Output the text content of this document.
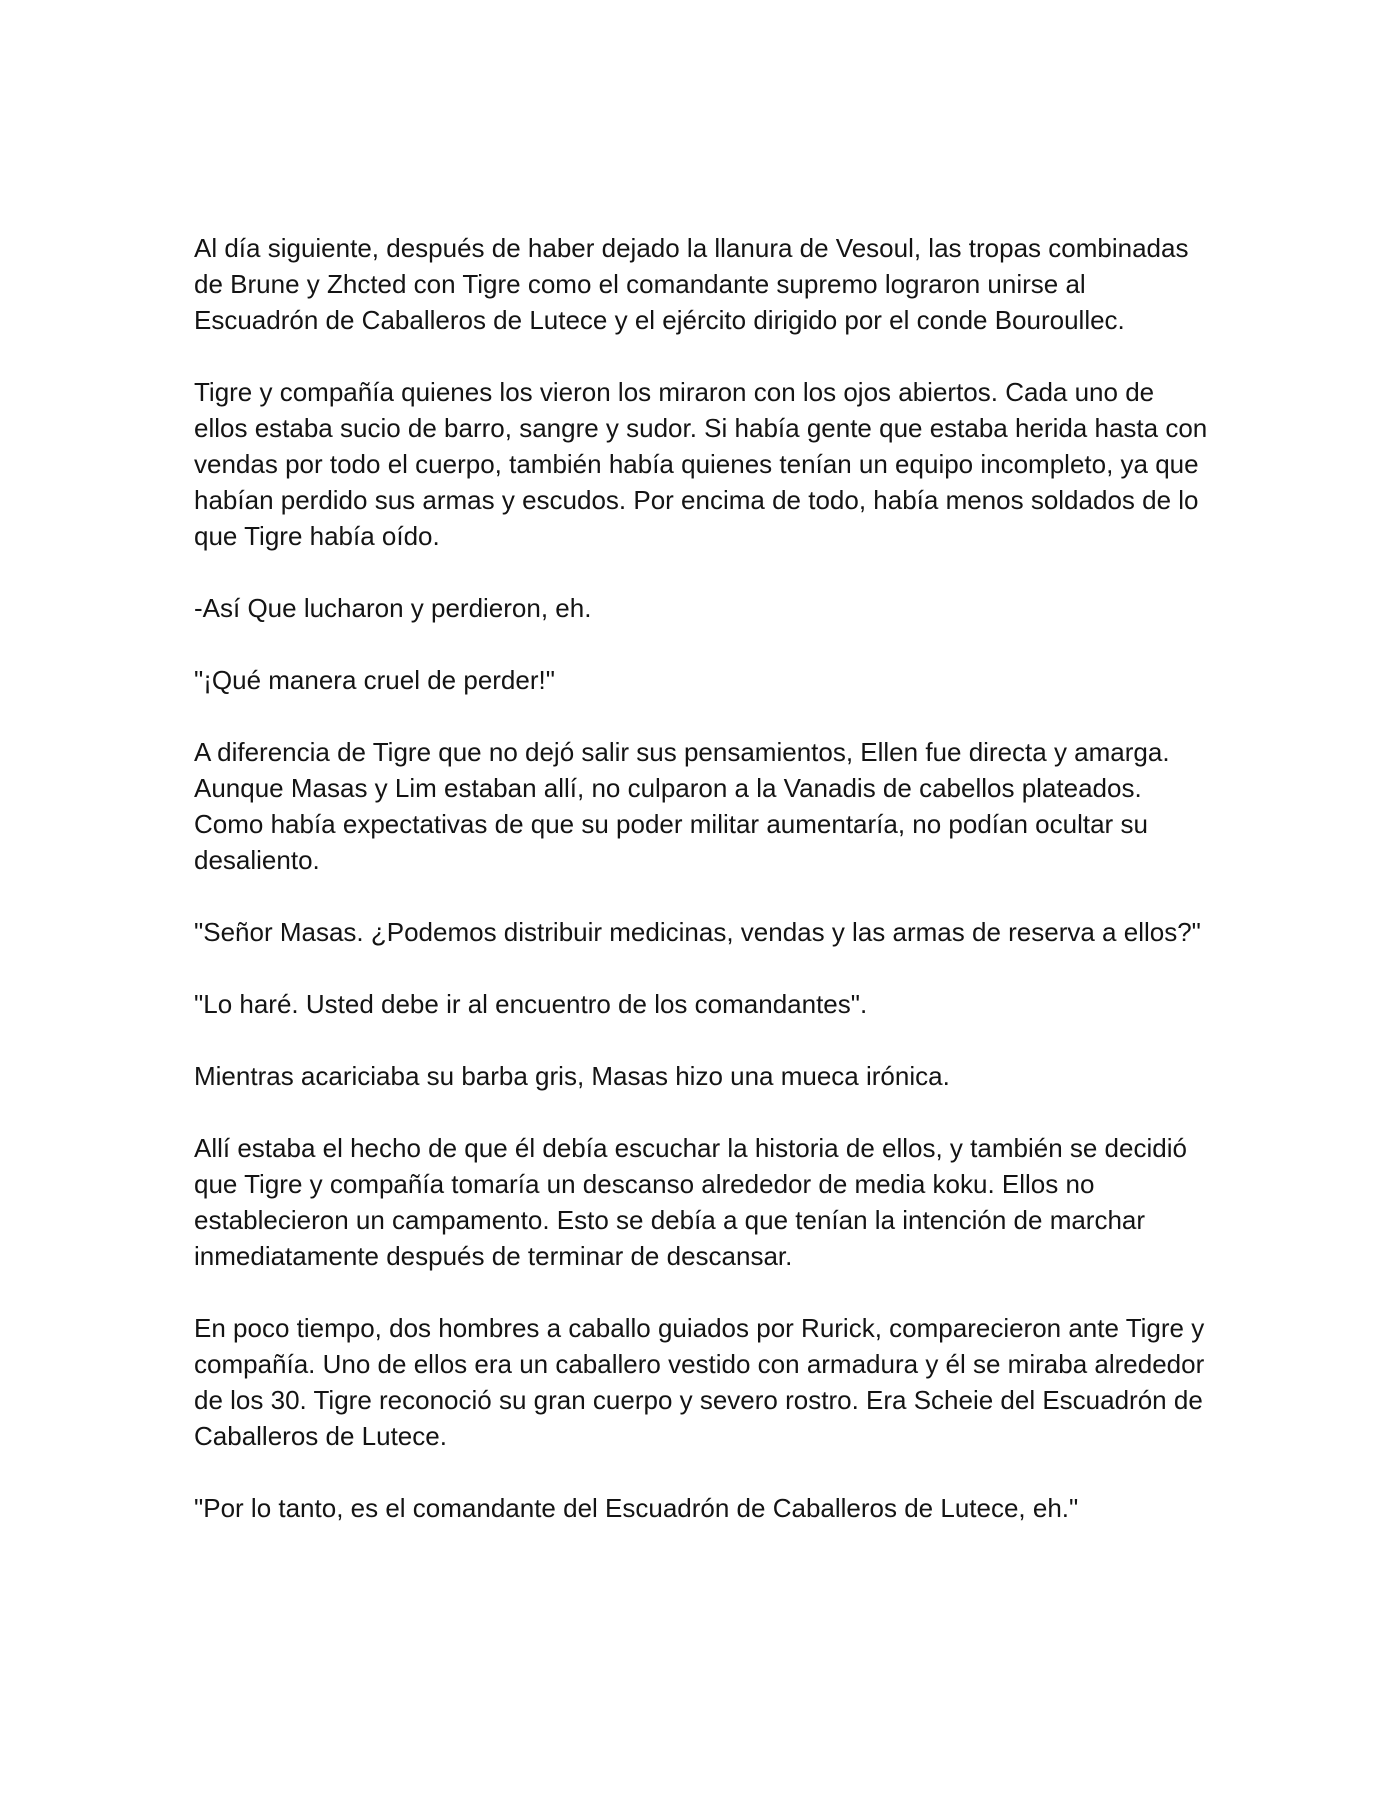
Al día siguiente, después de haber dejado la llanura de Vesoul, las tropas combinadas de Brune y Zhcted con Tigre como el comandante supremo lograron unirse al Escuadrón de Caballeros de Lutece y el ejército dirigido por el conde Bouroullec.

Tigre y compañía quienes los vieron los miraron con los ojos abiertos. Cada uno de ellos estaba sucio de barro, sangre y sudor. Si había gente que estaba herida hasta con vendas por todo el cuerpo, también había quienes tenían un equipo incompleto, ya que habían perdido sus armas y escudos. Por encima de todo, había menos soldados de lo que Tigre había oído.

-Así Que lucharon y perdieron, eh.

"¡Qué manera cruel de perder!"

A diferencia de Tigre que no dejó salir sus pensamientos, Ellen fue directa y amarga. Aunque Masas y Lim estaban allí, no culparon a la Vanadis de cabellos plateados. Como había expectativas de que su poder militar aumentaría, no podían ocultar su desaliento.

"Señor Masas. ¿Podemos distribuir medicinas, vendas y las armas de reserva a ellos?"

"Lo haré. Usted debe ir al encuentro de los comandantes".

Mientras acariciaba su barba gris, Masas hizo una mueca irónica.

Allí estaba el hecho de que él debía escuchar la historia de ellos, y también se decidió que Tigre y compañía tomaría un descanso alrededor de media koku. Ellos no establecieron un campamento. Esto se debía a que tenían la intención de marchar inmediatamente después de terminar de descansar.

En poco tiempo, dos hombres a caballo guiados por Rurick, comparecieron ante Tigre y compañía. Uno de ellos era un caballero vestido con armadura y él se miraba alrededor de los 30. Tigre reconoció su gran cuerpo y severo rostro. Era Scheie del Escuadrón de Caballeros de Lutece.

"Por lo tanto, es el comandante del Escuadrón de Caballeros de Lutece, eh."
